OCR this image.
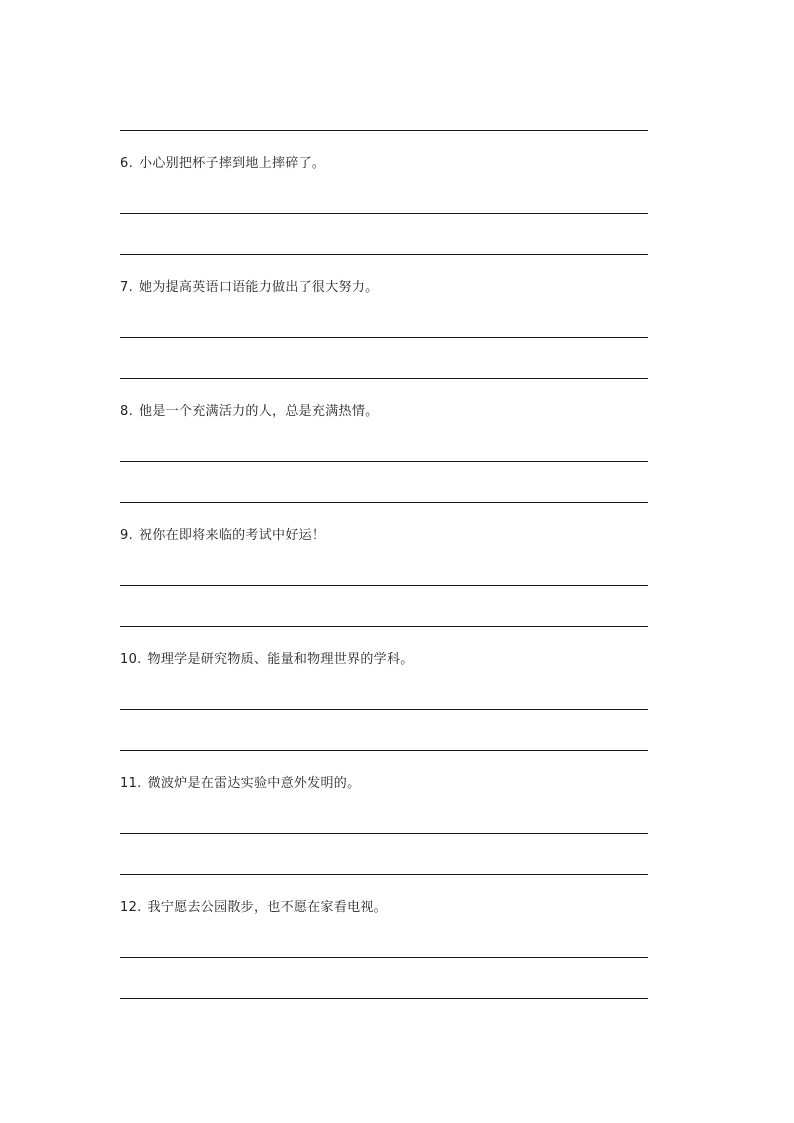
6. 小心别把杯子摔到地上摔碎了。
7. 她为提高英语口语能力做出了很大努力。
8. 他是一个充满活力的人，总是充满热情。
9. 祝你在即将来临的考试中好运！
10. 物理学是研究物质、能量和物理世界的学科。
11. 微波炉是在雷达实验中意外发明的。
12. 我宁愿去公园散步，也不愿在家看电视。
